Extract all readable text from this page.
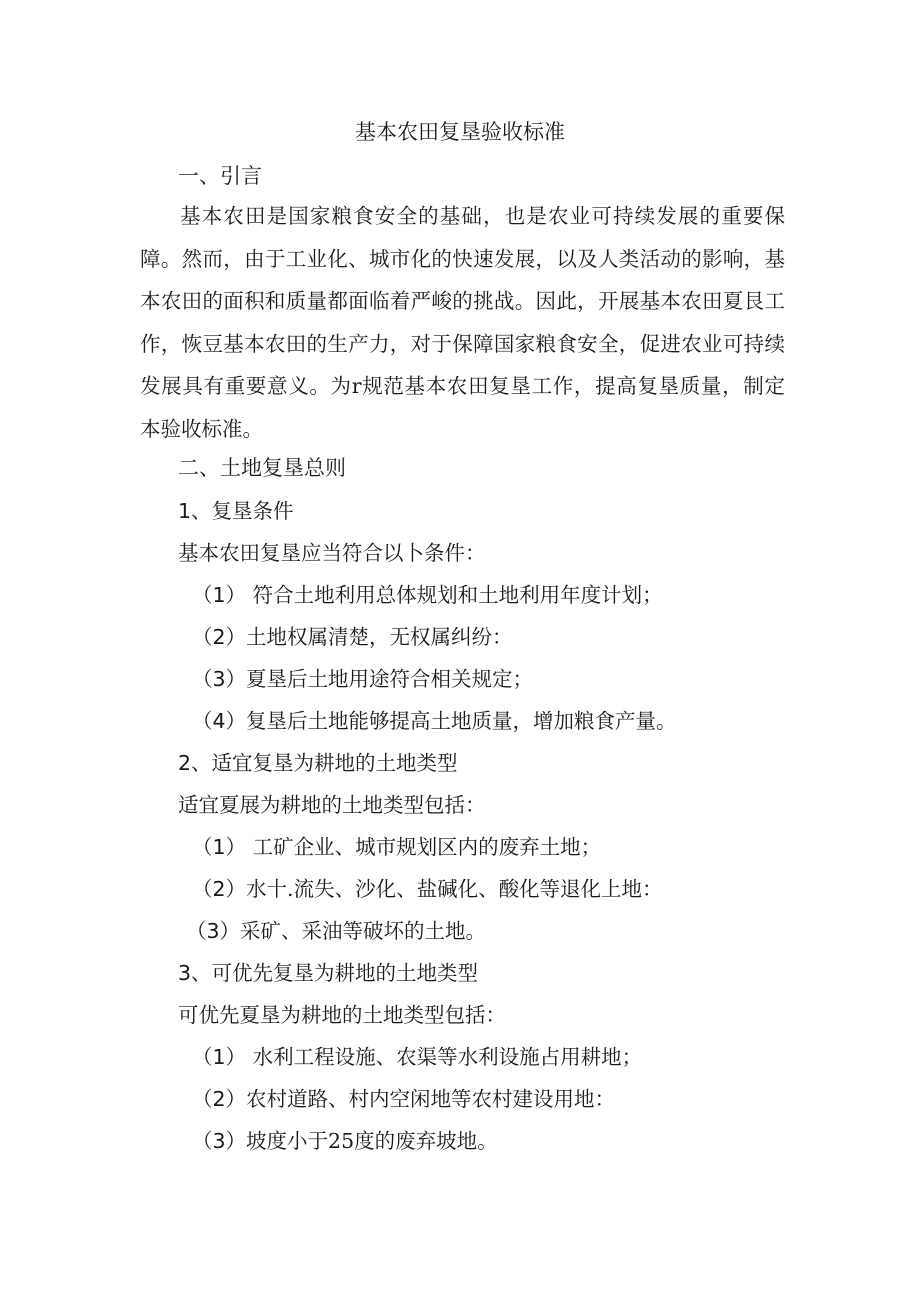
基本农田复垦验收标准
一、引言

基本农田是国家粮食安全的基础，也是农业可持续发展的重要保障。然而，由于工业化、城市化的快速发展，以及人类活动的影响，基本农田的面积和质量都面临着严峻的挑战。因此，开展基本农田夏艮工作，恢豆基本农田的生产力，对于保障国家粮食安全，促进农业可持续发展具有重要意义。为r规范基本农田复垦工作，提高复垦质量，制定本验收标准。

二、土地复垦总则
1、复垦条件
基本农田复垦应当符合以卜条件：
（1） 符合土地利用总体规划和土地利用年度计划；
（2）土地权属清楚，无权属纠纷：
（3）夏垦后土地用途符合相关规定；
（4）复垦后土地能够提高土地质量，增加粮食产量。
2、适宜复垦为耕地的土地类型
适宜夏展为耕地的土地类型包括：
（1） 工矿企业、城市规划区内的废弃土地；
（2）水十.流失、沙化、盐碱化、酸化等退化上地：
（3）采矿、采油等破坏的土地。
3、可优先复垦为耕地的土地类型
可优先夏垦为耕地的土地类型包括：
（1） 水利工程设施、农渠等水利设施占用耕地；
（2）农村道路、村内空闲地等农村建设用地：
（3）坡度小于25度的废弃坡地。
